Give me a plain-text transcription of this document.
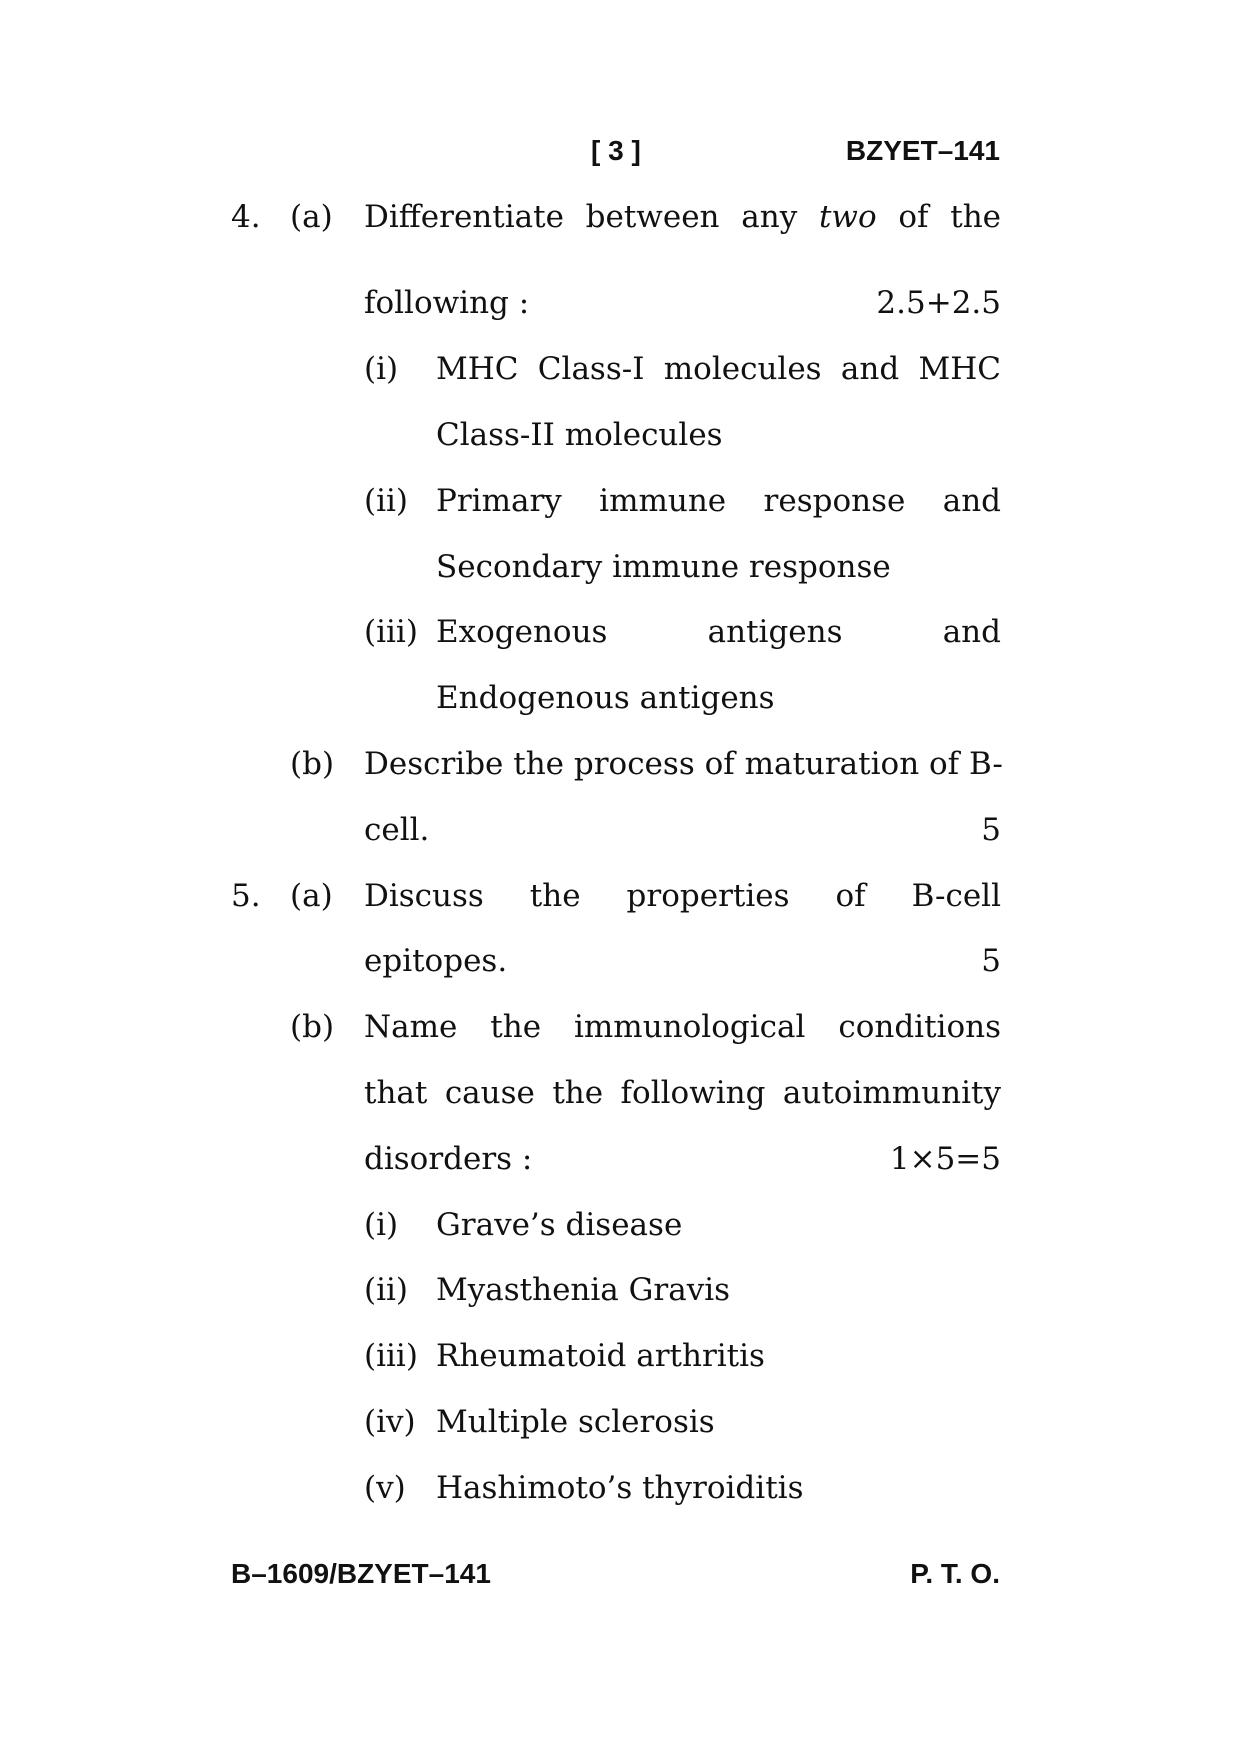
[ 3 ]	BZYET–141
4. (a) Differentiate between any two of the
following :	2.5+2.5
(i) MHC Class-I molecules and MHC
Class-II molecules
(ii) Primary immune response and
Secondary immune response
(iii) Exogenous antigens and
Endogenous antigens
(b) Describe the process of maturation of B-
cell.	5
5. (a) Discuss the properties of B-cell
epitopes.	5
(b) Name the immunological conditions
that cause the following autoimmunity
disorders :	1×5=5
(i) Grave’s disease
(ii) Myasthenia Gravis
(iii) Rheumatoid arthritis
(iv) Multiple sclerosis
(v) Hashimoto’s thyroiditis
B–1609/BZYET–141	P. T. O.
